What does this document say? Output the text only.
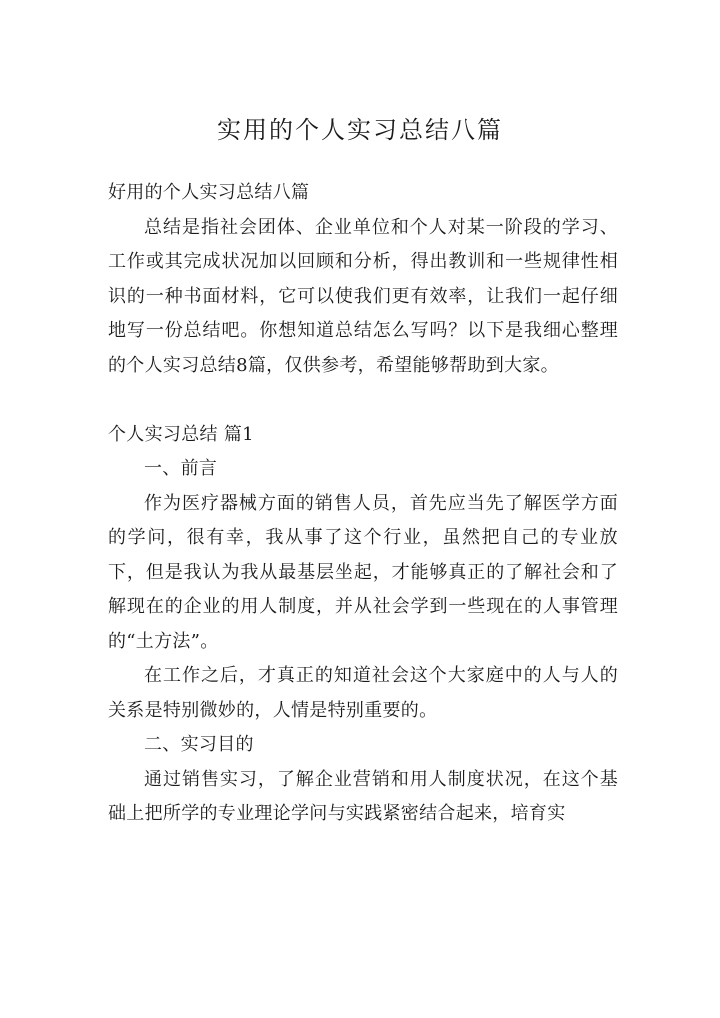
实用的个人实习总结八篇

好用的个人实习总结八篇

总结是指社会团体、企业单位和个人对某一阶段的学习、工作或其完成状况加以回顾和分析，得出教训和一些规律性相识的一种书面材料，它可以使我们更有效率，让我们一起仔细地写一份总结吧。你想知道总结怎么写吗？以下是我细心整理的个人实习总结8篇，仅供参考，希望能够帮助到大家。

个人实习总结 篇1

一、前言

作为医疗器械方面的销售人员，首先应当先了解医学方面的学问，很有幸，我从事了这个行业，虽然把自己的专业放下，但是我认为我从最基层坐起，才能够真正的了解社会和了解现在的企业的用人制度，并从社会学到一些现在的人事管理的“土方法”。

在工作之后，才真正的知道社会这个大家庭中的人与人的关系是特别微妙的，人情是特别重要的。

二、实习目的

通过销售实习，了解企业营销和用人制度状况，在这个基础上把所学的专业理论学问与实践紧密结合起来，培育实
